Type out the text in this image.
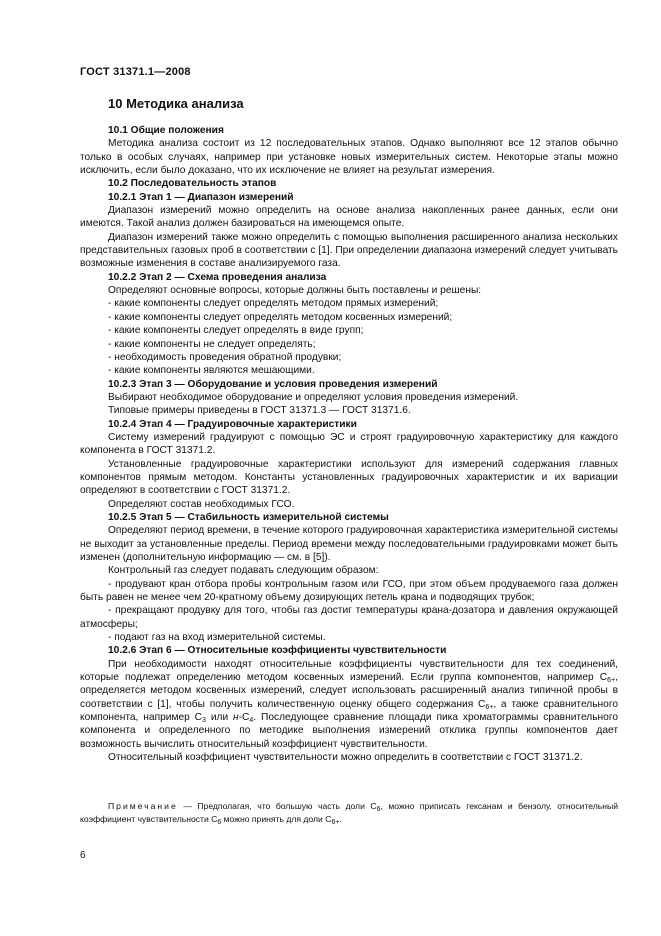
ГОСТ 31371.1—2008
10 Методика анализа

10.1 Общие положения

Методика анализа состоит из 12 последовательных этапов. Однако выполняют все 12 этапов обычно только в особых случаях, например при установке новых измерительных систем. Некоторые этапы можно исключить, если было доказано, что их исключение не влияет на результат измерения.

10.2 Последовательность этапов

10.2.1 Этап 1 — Диапазон измерений

Диапазон измерений можно определить на основе анализа накопленных ранее данных, если они имеются. Такой анализ должен базироваться на имеющемся опыте.

Диапазон измерений также можно определить с помощью выполнения расширенного анализа нескольких представительных газовых проб в соответствии с [1]. При определении диапазона измерений следует учитывать возможные изменения в составе анализируемого газа.

10.2.2 Этап 2 — Схема проведения анализа

Определяют основные вопросы, которые должны быть поставлены и решены:

- какие компоненты следует определять методом прямых измерений;

- какие компоненты следует определять методом косвенных измерений;

- какие компоненты следует определять в виде групп;

- какие компоненты не следует определять;

- необходимость проведения обратной продувки;

- какие компоненты являются мешающими.

10.2.3 Этап 3 — Оборудование и условия проведения измерений

Выбирают необходимое оборудование и определяют условия проведения измерений.

Типовые примеры приведены в ГОСТ 31371.3 — ГОСТ 31371.6.

10.2.4 Этап 4 — Градуировочные характеристики

Систему измерений градуируют с помощью ЭС и строят градуировочную характеристику для каждого компонента в ГОСТ 31371.2.

Установленные градуировочные характеристики используют для измерений содержания главных компонентов прямым методом. Константы установленных градуировочных характеристик и их вариации определяют в соответствии с ГОСТ 31371.2.

Определяют состав необходимых ГСО.

10.2.5 Этап 5 — Стабильность измерительной системы

Определяют период времени, в течение которого градуировочная характеристика измерительной системы не выходит за установленные пределы. Период времени между последовательными градуировками может быть изменен (дополнительную информацию — см. в [5]).

Контрольный газ следует подавать следующим образом:

- продувают кран отбора пробы контрольным газом или ГСО, при этом объем продуваемого газа должен быть равен не менее чем 20-кратному объему дозирующих петель крана и подводящих трубок;

- прекращают продувку для того, чтобы газ достиг температуры крана-дозатора и давления окружающей атмосферы;

- подают газ на вход измерительной системы.

10.2.6 Этап 6 — Относительные коэффициенты чувствительности

При необходимости находят относительные коэффициенты чувствительности для тех соединений, которые подлежат определению методом косвенных измерений. Если группа компонентов, например $C_{6+}$, определяется методом косвенных измерений, следует использовать расширенный анализ типичной пробы в соответствии с [1], чтобы получить количественную оценку общего содержания $C_{6+}$, а также сравнительного компонента, например $C_3$ или $н-C_4$. Последующее сравнение площади пика хроматограммы сравнительного компонента и определенного по методике выполнения измерений отклика группы компонентов дает возможность вычислить относительный коэффициент чувствительности.

Относительный коэффициент чувствительности можно определить в соответствии с ГОСТ 31371.2.

Примечание — Предполагая, что большую часть доли $C_6$, можно приписать гексанам и бензолу, относительный коэффициент чувствительности $C_6$ можно принять для доли $C_{6+}$.
6
